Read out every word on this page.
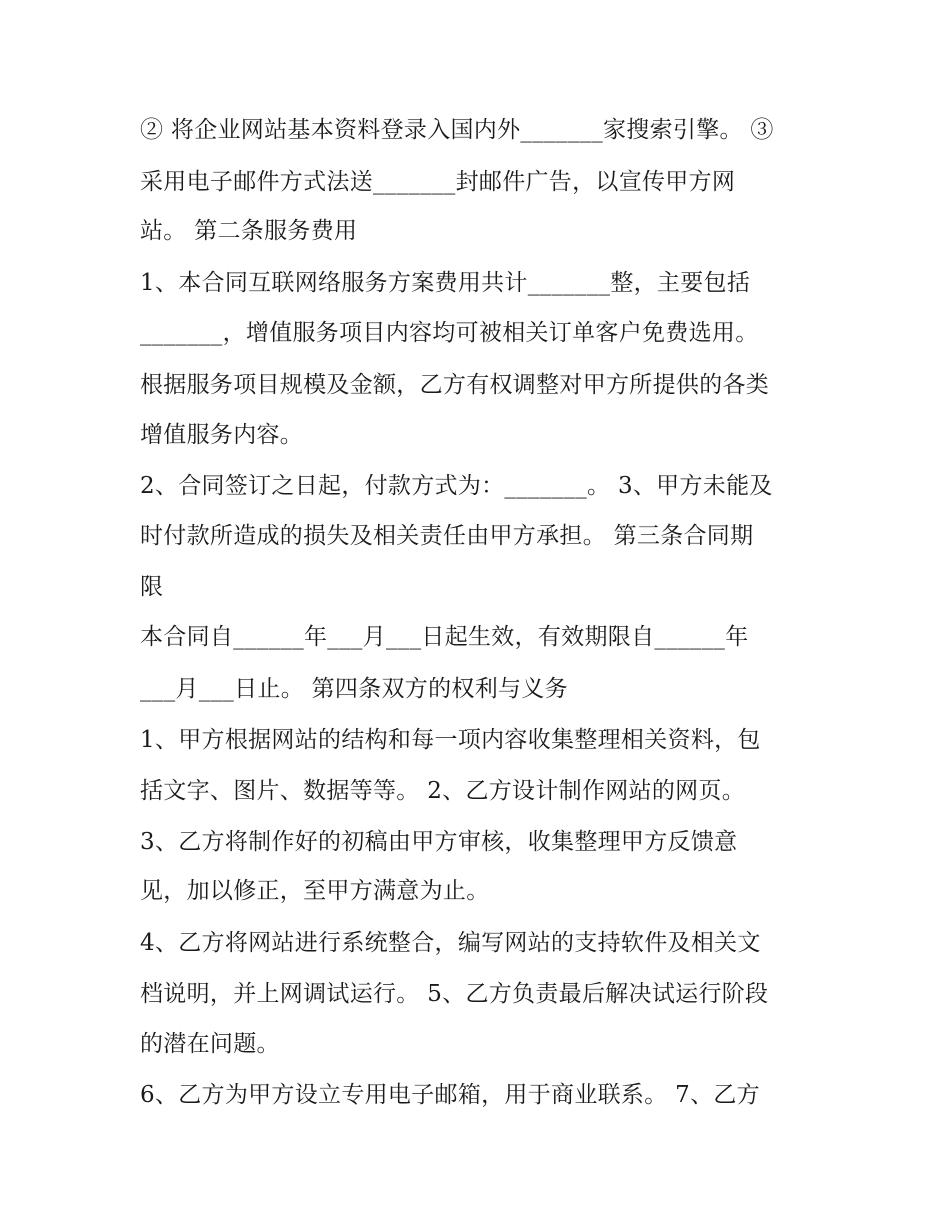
② 将企业网站基本资料登录入国内外_______家搜索引擎。 ③
采用电子邮件方式法送_______封邮件广告，以宣传甲方网
站。 第二条服务费用
1、本合同互联网络服务方案费用共计_______整，主要包括
_______，增值服务项目内容均可被相关订单客户免费选用。
根据服务项目规模及金额，乙方有权调整对甲方所提供的各类
增值服务内容。
2、合同签订之日起，付款方式为：_______。 3、甲方未能及
时付款所造成的损失及相关责任由甲方承担。 第三条合同期
限
本合同自______年___月___日起生效，有效期限自______年
___月___日止。 第四条双方的权利与义务
1、甲方根据网站的结构和每一项内容收集整理相关资料，包
括文字、图片、数据等等。 2、乙方设计制作网站的网页。
3、乙方将制作好的初稿由甲方审核，收集整理甲方反馈意
见，加以修正，至甲方满意为止。
4、乙方将网站进行系统整合，编写网站的支持软件及相关文
档说明，并上网调试运行。 5、乙方负责最后解决试运行阶段
的潜在问题。
6、乙方为甲方设立专用电子邮箱，用于商业联系。 7、乙方
